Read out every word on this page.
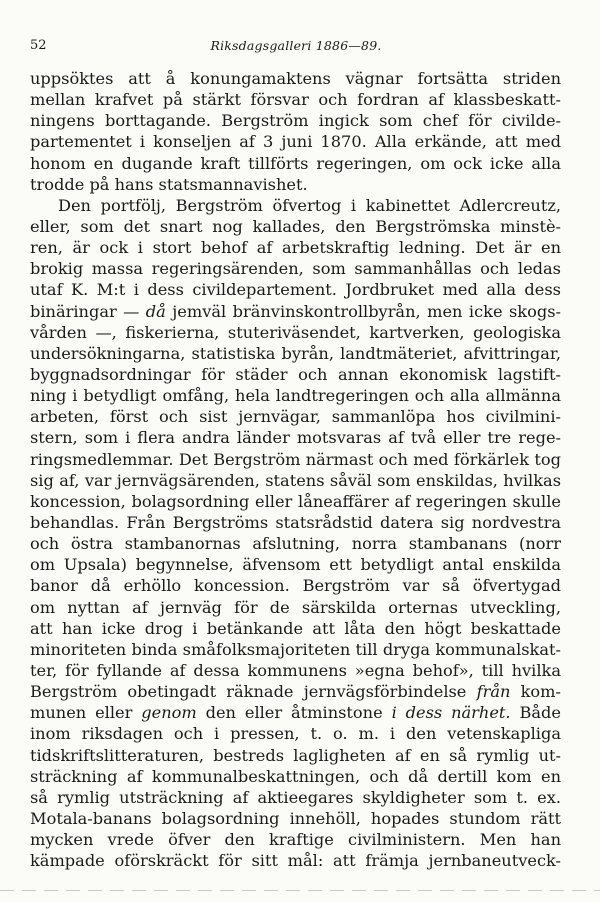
52	Riksdagsgalleri 1886—89.
uppsöktes att å konungamaktens vägnar fortsätta striden
mellan krafvet på stärkt försvar och fordran af klassbeskatt-
ningens borttagande. Bergström ingick som chef för civilde-
partementet i konseljen af 3 juni 1870. Alla erkände, att med
honom en dugande kraft tillförts regeringen, om ock icke alla
trodde på hans statsmannavishet.
Den portfölj, Bergström öfvertog i kabinettet Adlercreutz,
eller, som det snart nog kallades, den Bergströmska minstè-
ren, är ock i stort behof af arbetskraftig ledning. Det är en
brokig massa regeringsärenden, som sammanhållas och ledas
utaf K. M:t i dess civildepartement. Jordbruket med alla dess
binäringar — då jemväl bränvinskontrollbyrån, men icke skogs-
vården —, fiskerierna, stuteriväsendet, kartverken, geologiska
undersökningarna, statistiska byrån, landtmäteriet, afvittringar,
byggnadsordningar för städer och annan ekonomisk lagstift-
ning i betydligt omfång, hela landtregeringen och alla allmänna
arbeten, först och sist jernvägar, sammanlöpa hos civilmini-
stern, som i flera andra länder motsvaras af två eller tre rege-
ringsmedlemmar. Det Bergström närmast och med förkärlek tog
sig af, var jernvägsärenden, statens såväl som enskildas, hvilkas
koncession, bolagsordning eller låneaffärer af regeringen skulle
behandlas. Från Bergströms statsrådstid datera sig nordvestra
och östra stambanornas afslutning, norra stambanans (norr
om Upsala) begynnelse, äfvensom ett betydligt antal enskilda
banor då erhöllo koncession. Bergström var så öfvertygad
om nyttan af jernväg för de särskilda orternas utveckling,
att han icke drog i betänkande att låta den högt beskattade
minoriteten binda småfolksmajoriteten till dryga kommunalskat-
ter, för fyllande af dessa kommunens »egna behof», till hvilka
Bergström obetingadt räknade jernvägsförbindelse från kom-
munen eller genom den eller åtminstone i dess närhet. Både
inom riksdagen och i pressen, t. o. m. i den vetenskapliga
tidskriftslitteraturen, bestreds lagligheten af en så rymlig ut-
sträckning af kommunalbeskattningen, och då dertill kom en
så rymlig utsträckning af aktieegares skyldigheter som t. ex.
Motala-banans bolagsordning innehöll, hopades stundom rätt
mycken vrede öfver den kraftige civilministern. Men han
kämpade oförskräckt för sitt mål: att främja jernbaneutveck-
